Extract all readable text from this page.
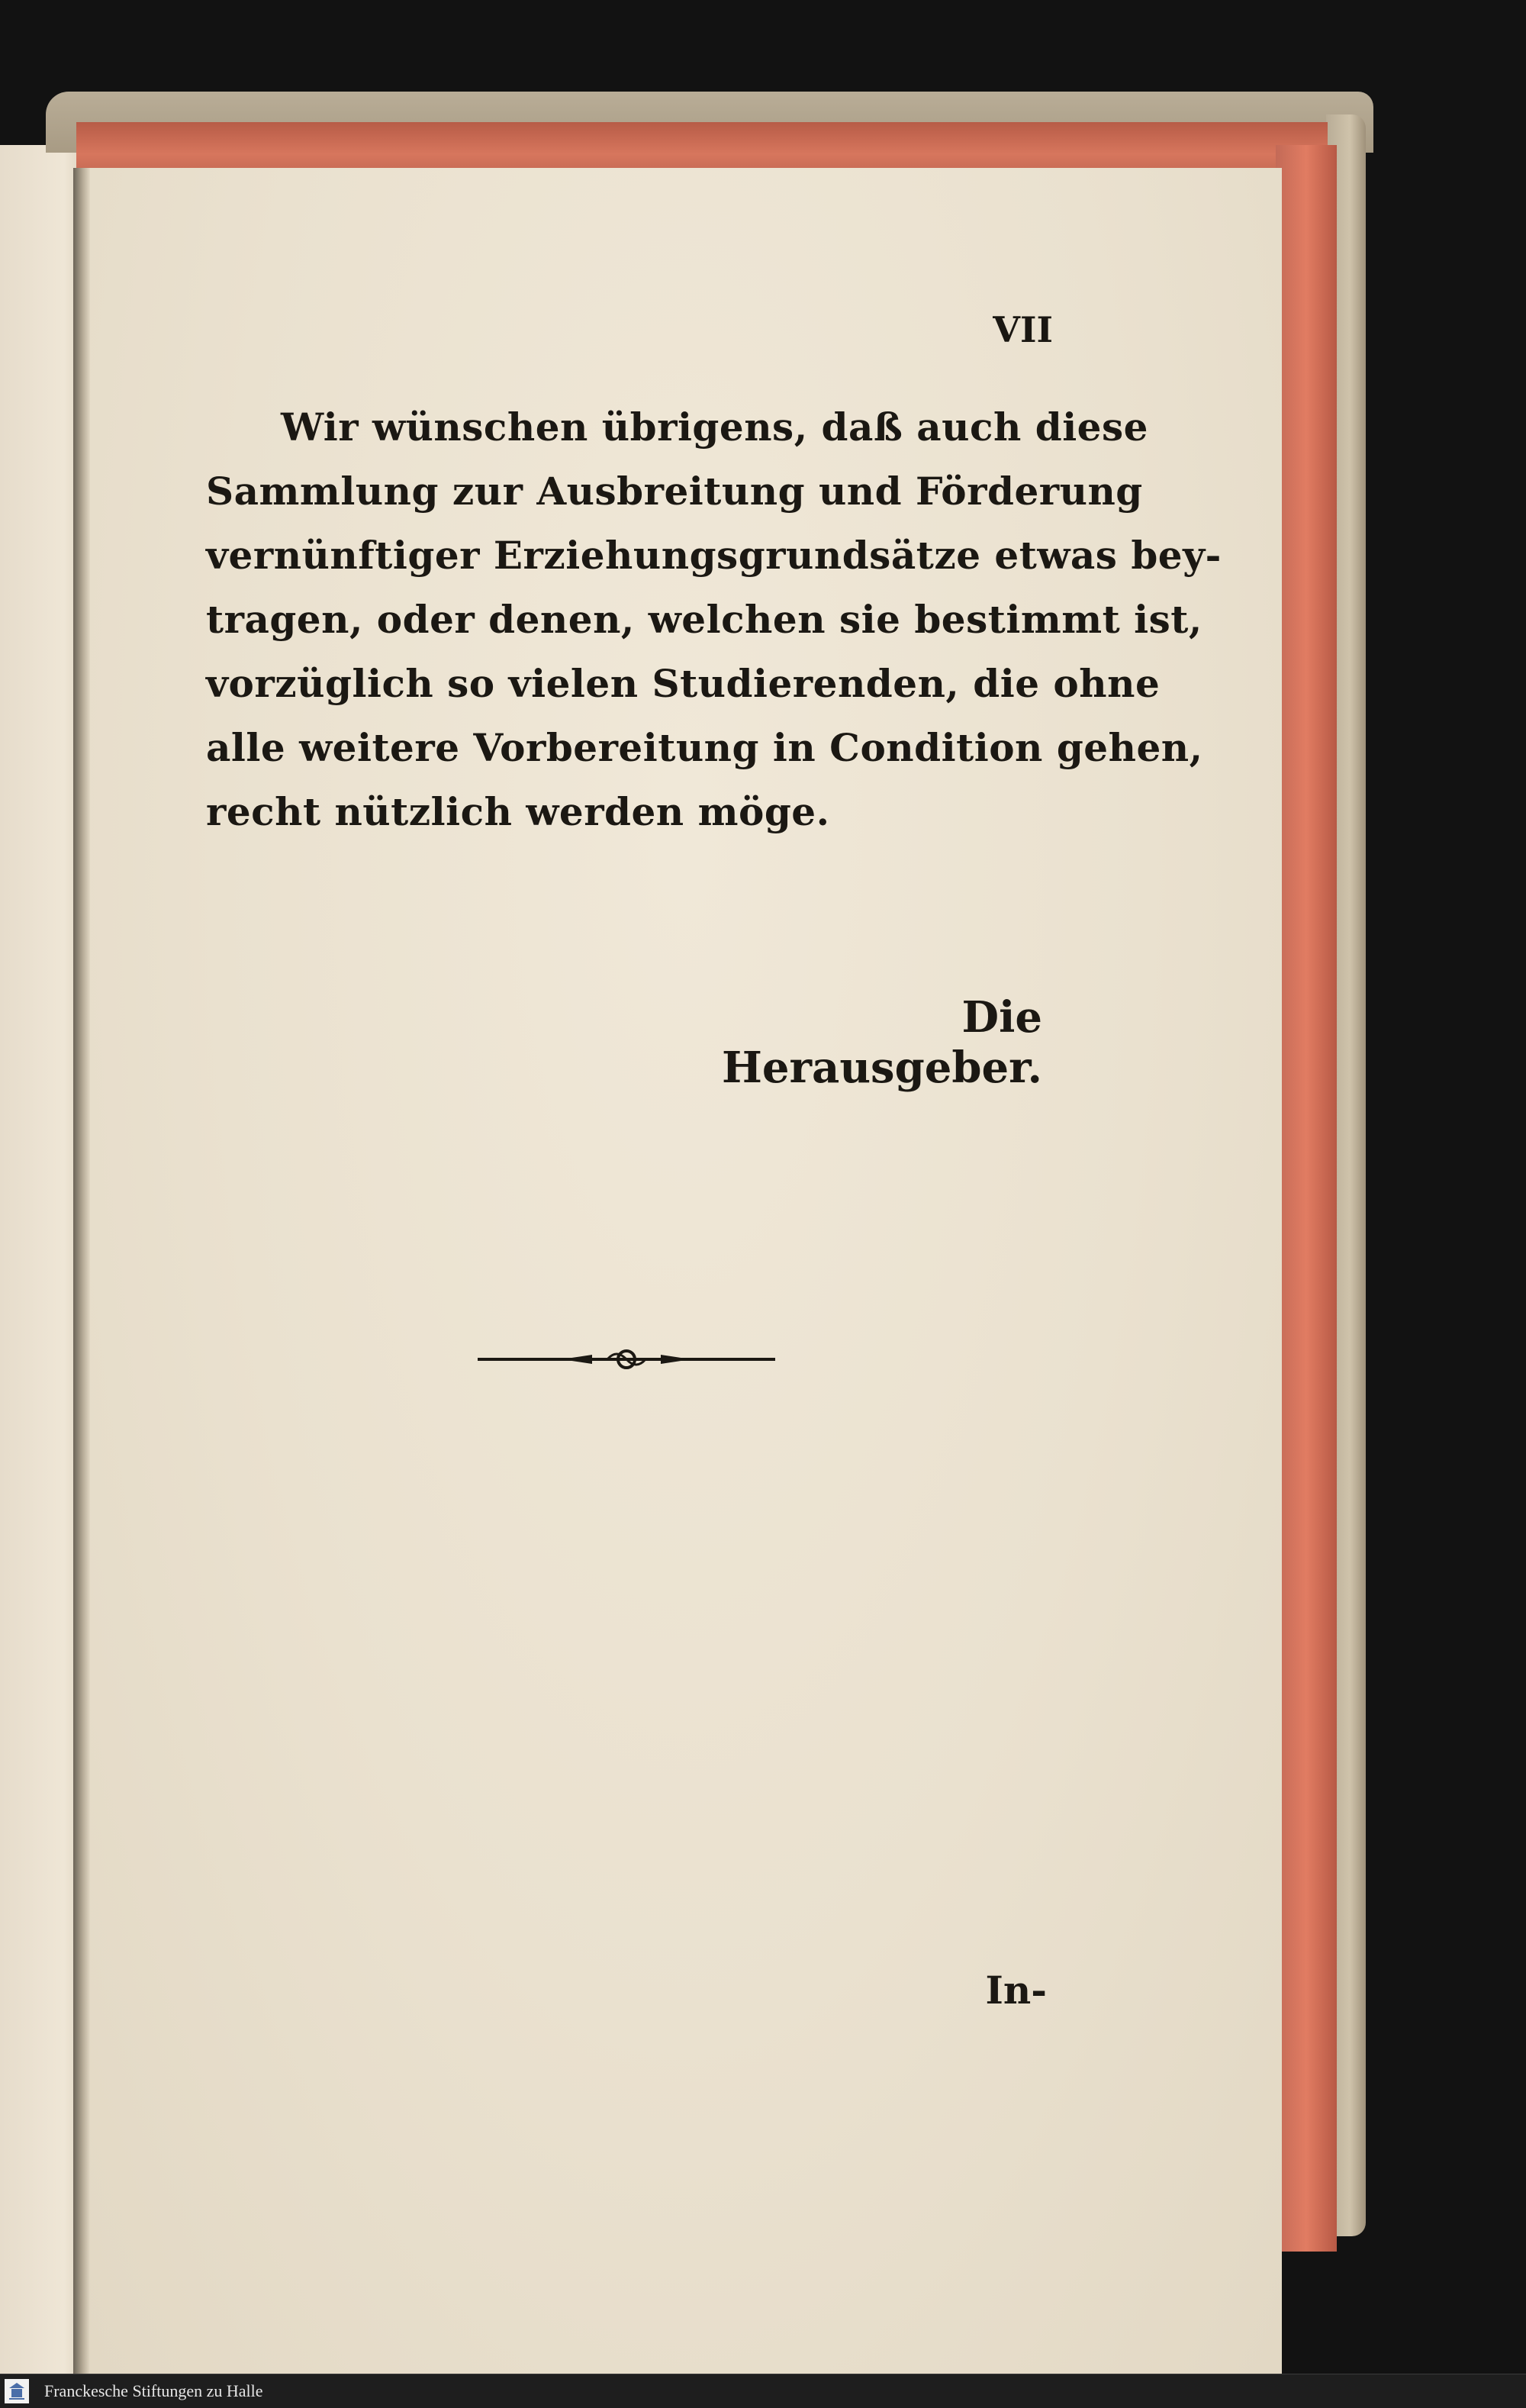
VII
Wir wünschen übrigens, daß auch diese
Sammlung zur Ausbreitung und Förderung
vernünftiger Erziehungsgrundsätze etwas bey-
tragen, oder denen, welchen sie bestimmt ist,
vorzüglich so vielen Studierenden, die ohne
alle weitere Vorbereitung in Condition gehen,
recht nützlich werden möge.
Die Herausgeber.
In-
Franckesche Stiftungen zu Halle
